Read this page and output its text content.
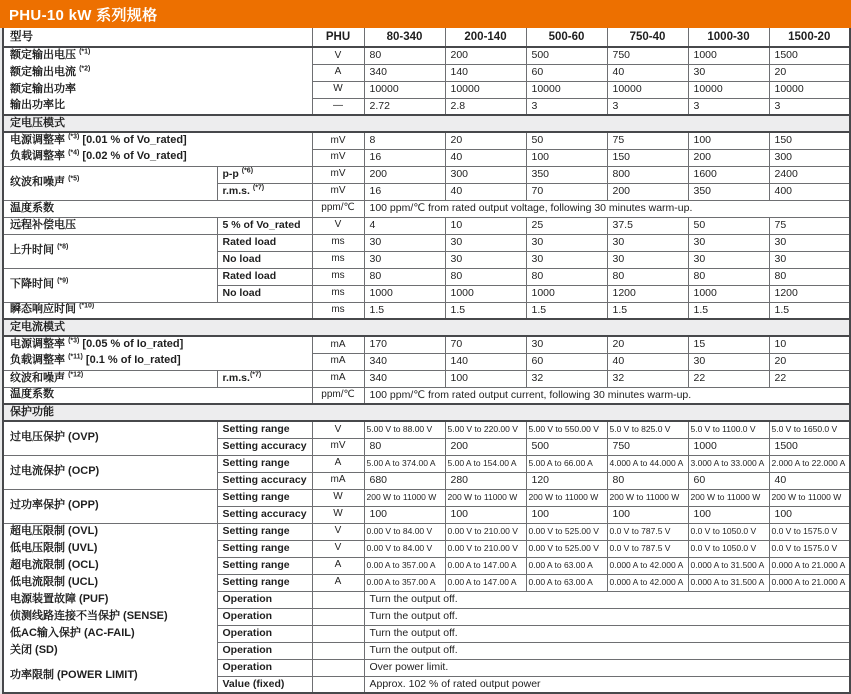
PHU-10 kW 系列规格
型号		PHU	80-340	200-140	500-60	750-40	1000-30	1500-20
额定输出电压 $^{(*1)}$		V	80	200	500	750	1000	1500
额定输出电流 $^{(*2)}$		A	340	140	60	40	30	20
额定输出功率		W	10000	10000	10000	10000	10000	10000
输出功率比		—	2.72	2.8	3	3	3	3
定电压模式								
电源调整率 $^{(*3)}$ [0.01 % of Vo_rated]		mV	8	20	50	75	100	150
负载调整率 $^{(*4)}$ [0.02 % of Vo_rated]		mV	16	40	100	150	200	300
纹波和噪声 $^{(*5)}$	p-p $^{(*6)}$	mV	200	300	350	800	1600	2400
	r.m.s. $^{(*7)}$	mV	16	40	70	200	350	400
温度系数		ppm/℃	100 ppm/℃ from rated output voltage, following 30 minutes warm-up.					
远程补偿电压	5 % of Vo_rated	V	4	10	25	37.5	50	75
上升时间 $^{(*8)}$	Rated load	ms	30	30	30	30	30	30
	No load	ms	30	30	30	30	30	30
下降时间 $^{(*9)}$	Rated load	ms	80	80	80	80	80	80
	No load	ms	1000	1000	1000	1200	1000	1200
瞬态响应时间 $^{(*10)}$		ms	1.5	1.5	1.5	1.5	1.5	1.5
定电流模式								
电源调整率 $^{(*3)}$ [0.05 % of Io_rated]		mA	170	70	30	20	15	10
负载调整率 $^{(*11)}$ [0.1 % of Io_rated]		mA	340	140	60	40	30	20
纹波和噪声 $^{(*12)}$	r.m.s.$^{(*7)}$	mA	340	100	32	32	22	22
温度系数		ppm/℃	100 ppm/℃ from rated output current, following 30 minutes warm-up.					
保护功能								
过电压保护 (OVP)	Setting range	V	5.00 V to 88.00 V	5.00 V to 220.00 V	5.00 V to 550.00 V	5.0 V to 825.0 V	5.0 V to 1100.0 V	5.0 V to 1650.0 V
	Setting accuracy	mV	80	200	500	750	1000	1500
过电流保护 (OCP)	Setting range	A	5.00 A to 374.00 A	5.00 A to 154.00 A	5.00 A to 66.00 A	4.000 A to 44.000 A	3.000 A to 33.000 A	2.000 A to 22.000 A
	Setting accuracy	mA	680	280	120	80	60	40
过功率保护 (OPP)	Setting range	W	200 W to 11000 W	200 W to 11000 W	200 W to 11000 W	200 W to 11000 W	200 W to 11000 W	200 W to 11000 W
	Setting accuracy	W	100	100	100	100	100	100
超电压限制 (OVL)	Setting range	V	0.00 V to 84.00 V	0.00 V to 210.00 V	0.00 V to 525.00 V	0.0 V to 787.5 V	0.0 V to 1050.0 V	0.0 V to 1575.0 V
低电压限制 (UVL)	Setting range	V	0.00 V to 84.00 V	0.00 V to 210.00 V	0.00 V to 525.00 V	0.0 V to 787.5 V	0.0 V to 1050.0 V	0.0 V to 1575.0 V
超电流限制 (OCL)	Setting range	A	0.00 A to 357.00 A	0.00 A to 147.00 A	0.00 A to 63.00 A	0.000 A to 42.000 A	0.000 A to 31.500 A	0.000 A to 21.000 A
低电流限制 (UCL)	Setting range	A	0.00 A to 357.00 A	0.00 A to 147.00 A	0.00 A to 63.00 A	0.000 A to 42.000 A	0.000 A to 31.500 A	0.000 A to 21.000 A
电源装置故障 (PUF)	Operation		Turn the output off.					
侦测线路连接不当保护 (SENSE)	Operation		Turn the output off.					
低AC输入保护 (AC-FAIL)	Operation		Turn the output off.					
关闭 (SD)	Operation		Turn the output off.					
功率限制 (POWER LIMIT)	Operation		Over power limit.					
	Value (fixed)		Approx. 102 % of rated output power					
